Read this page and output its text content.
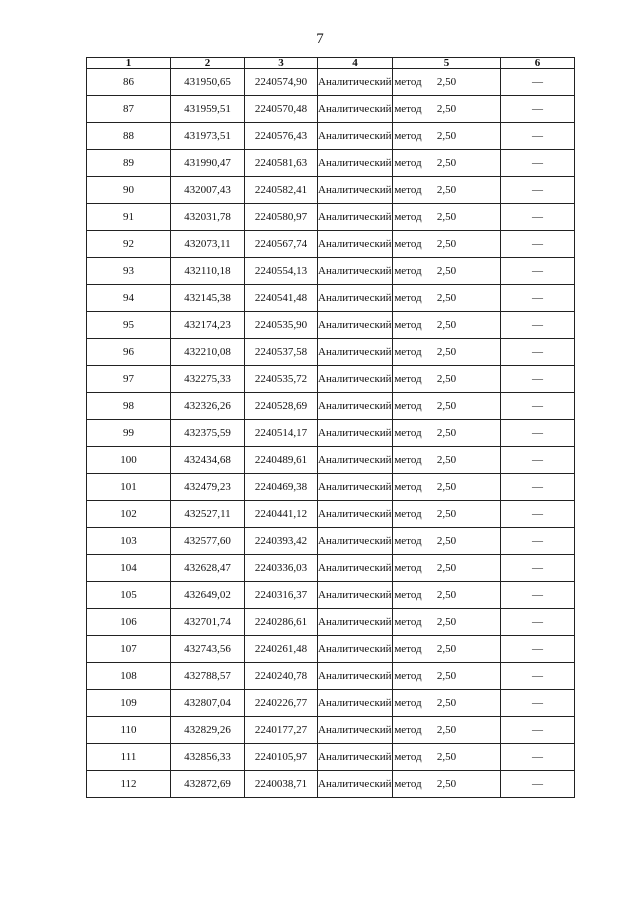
7
1	2	3	4	5	6
86	431950,65	2240574,90	Аналитический метод	2,50	—
87	431959,51	2240570,48	Аналитический метод	2,50	—
88	431973,51	2240576,43	Аналитический метод	2,50	—
89	431990,47	2240581,63	Аналитический метод	2,50	—
90	432007,43	2240582,41	Аналитический метод	2,50	—
91	432031,78	2240580,97	Аналитический метод	2,50	—
92	432073,11	2240567,74	Аналитический метод	2,50	—
93	432110,18	2240554,13	Аналитический метод	2,50	—
94	432145,38	2240541,48	Аналитический метод	2,50	—
95	432174,23	2240535,90	Аналитический метод	2,50	—
96	432210,08	2240537,58	Аналитический метод	2,50	—
97	432275,33	2240535,72	Аналитический метод	2,50	—
98	432326,26	2240528,69	Аналитический метод	2,50	—
99	432375,59	2240514,17	Аналитический метод	2,50	—
100	432434,68	2240489,61	Аналитический метод	2,50	—
101	432479,23	2240469,38	Аналитический метод	2,50	—
102	432527,11	2240441,12	Аналитический метод	2,50	—
103	432577,60	2240393,42	Аналитический метод	2,50	—
104	432628,47	2240336,03	Аналитический метод	2,50	—
105	432649,02	2240316,37	Аналитический метод	2,50	—
106	432701,74	2240286,61	Аналитический метод	2,50	—
107	432743,56	2240261,48	Аналитический метод	2,50	—
108	432788,57	2240240,78	Аналитический метод	2,50	—
109	432807,04	2240226,77	Аналитический метод	2,50	—
110	432829,26	2240177,27	Аналитический метод	2,50	—
111	432856,33	2240105,97	Аналитический метод	2,50	—
112	432872,69	2240038,71	Аналитический метод	2,50	—
